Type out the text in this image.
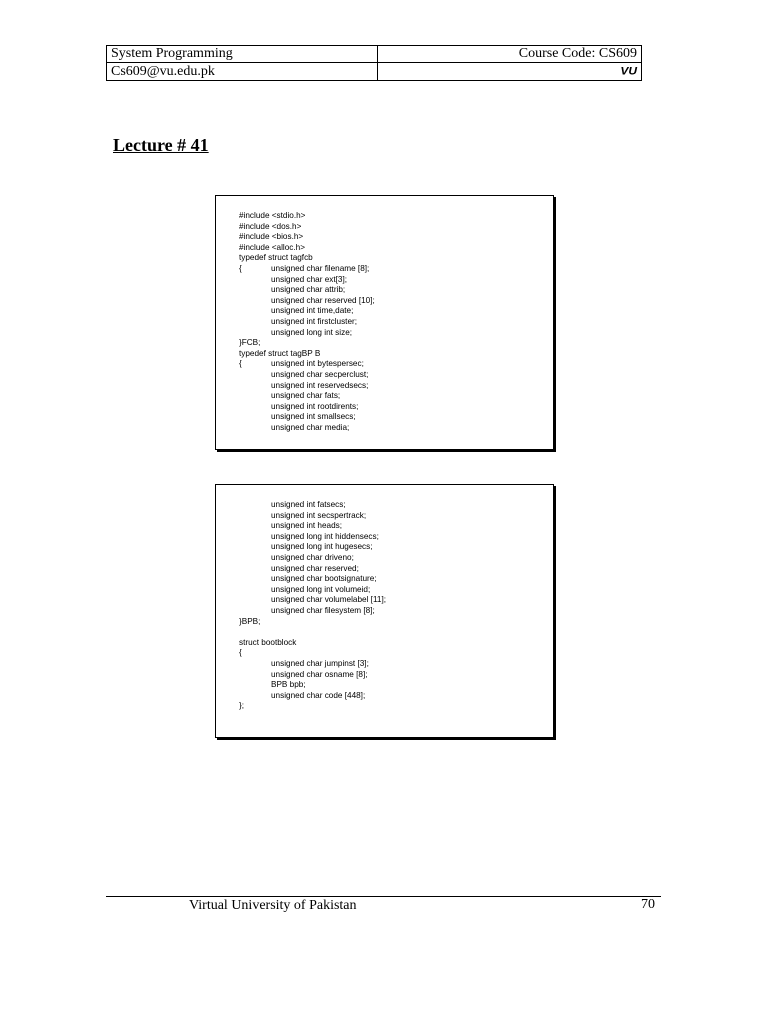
System Programming	Course Code: CS609
Cs609@vu.edu.pk	VU
Lecture # 41
#include <stdio.h>
#include <dos.h>
#include <bios.h>
#include <alloc.h>
typedef struct tagfcb
{	unsigned char filename [8];
unsigned char ext[3];
unsigned char attrib;
unsigned char reserved [10];
unsigned int time,date;
unsigned int firstcluster;
unsigned long int size;
}FCB;
typedef struct tagBP B
{	unsigned int bytespersec;
unsigned char secperclust;
unsigned int reservedsecs;
unsigned char fats;
unsigned int rootdirents;
unsigned int smallsecs;
unsigned char media;
unsigned int fatsecs;
unsigned int secspertrack;
unsigned int heads;
unsigned long int hiddensecs;
unsigned long int hugesecs;
unsigned char driveno;
unsigned char reserved;
unsigned char bootsignature;
unsigned long int volumeid;
unsigned char volumelabel [11];
unsigned char filesystem [8];
}BPB;
struct bootblock
{
unsigned char jumpinst [3];
unsigned char osname [8];
BPB bpb;
unsigned char code [448];
};
Virtual University of Pakistan	70
